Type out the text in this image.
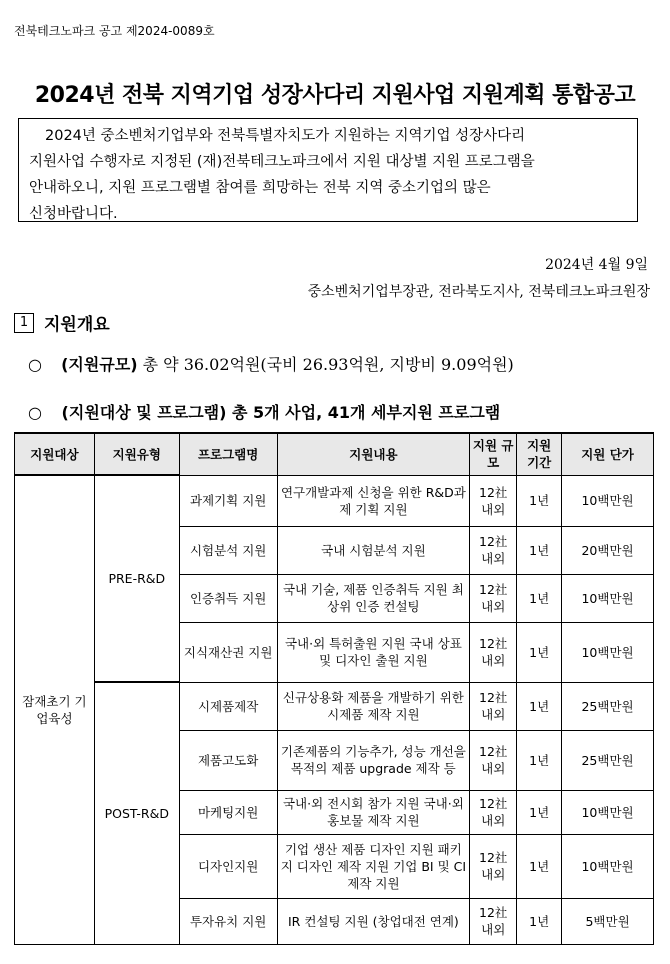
전북테크노파크 공고 제2024-0089호
2024년 전북 지역기업 성장사다리 지원사업 지원계획 통합공고
2024년 중소벤처기업부와 전북특별자치도가 지원하는 지역기업 성장사다리
지원사업 수행자로 지정된 (재)전북테크노파크에서 지원 대상별 지원 프로그램을
안내하오니, 지원 프로그램별 참여를 희망하는 전북 지역 중소기업의 많은
신청바랍니다.
2024년 4월 9일
중소벤처기업부장관, 전라북도지사, 전북테크노파크원장
1 지원개요
○ (지원규모) 총 약 36.02억원(국비 26.93억원, 지방비 9.09억원)
○ (지원대상 및 프로그램) 총 5개 사업, 41개 세부지원 프로그램
지원대상	지원유형	프로그램명	지원내용	지원 규모	지원 기간	지원 단가
잠재초기 기업육성	PRE-R&D	과제기획 지원	연구개발과제 신청을 위한 R&D과제 기획 지원	12社 내외	1년	10백만원
		시험분석 지원	국내 시험분석 지원	12社 내외	1년	20백만원
		인증취득 지원	국내 기술, 제품 인증취득 지원 최상위 인증 컨설팅	12社 내외	1년	10백만원
		지식재산권 지원	국내·외 특허출원 지원 국내 상표 및 디자인 출원 지원	12社 내외	1년	10백만원
	POST-R&D	시제품제작	신규상용화 제품을 개발하기 위한 시제품 제작 지원	12社 내외	1년	25백만원
		제품고도화	기존제품의 기능추가, 성능 개선을 목적의 제품 upgrade 제작 등	12社 내외	1년	25백만원
		마케팅지원	국내·외 전시회 참가 지원 국내·외 홍보물 제작 지원	12社 내외	1년	10백만원
		디자인지원	기업 생산 제품 디자인 지원 패키지 디자인 제작 지원 기업 BI 및 CI 제작 지원	12社 내외	1년	10백만원
		투자유치 지원	IR 컨설팅 지원 (창업대전 연계)	12社 내외	1년	5백만원
